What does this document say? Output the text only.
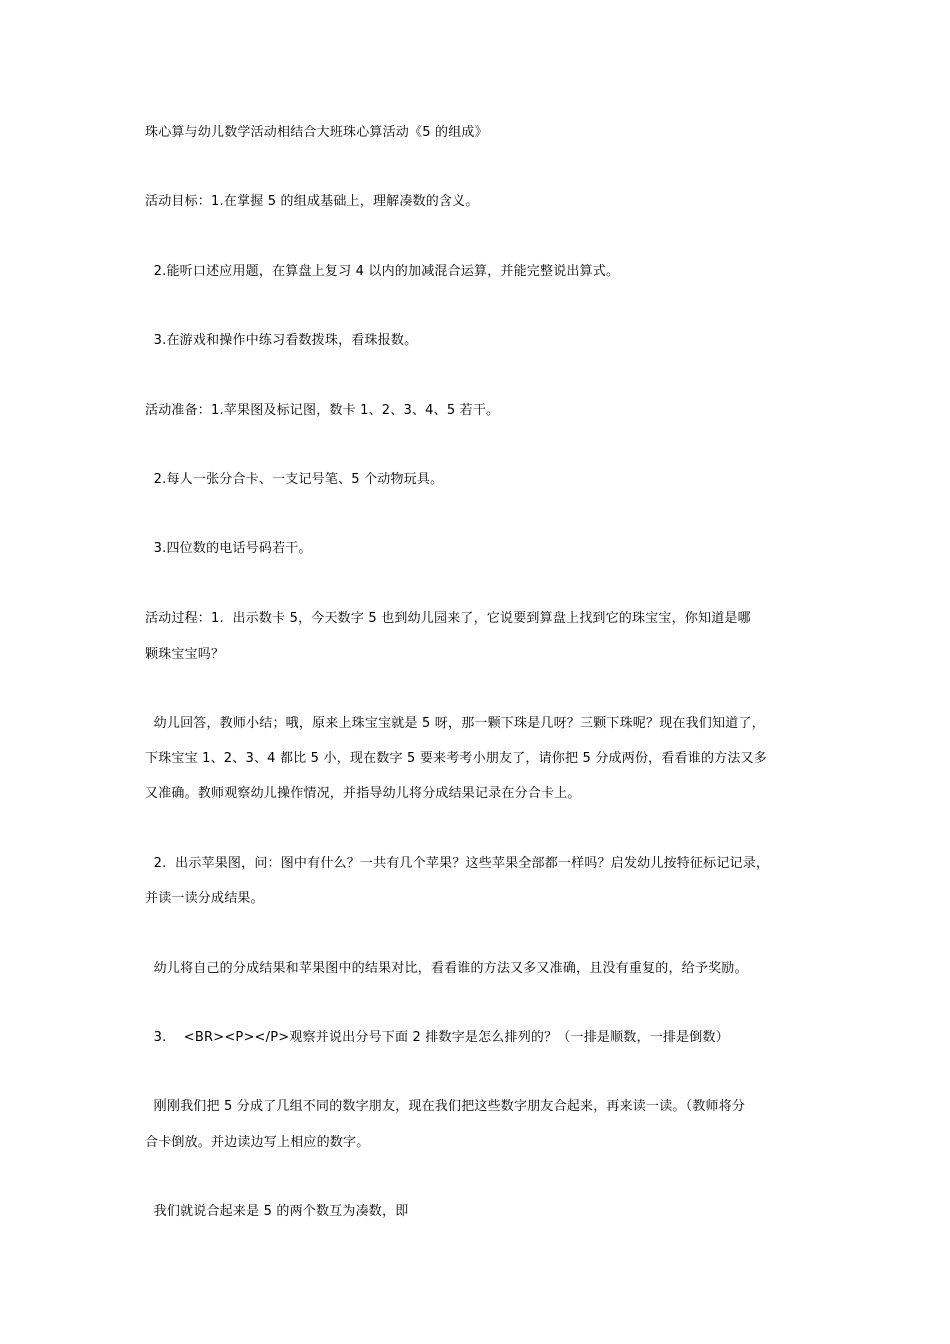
珠心算与幼儿数学活动相结合大班珠心算活动《5 的组成》
活动目标：1.在掌握 5 的组成基础上，理解凑数的含义。
2.能听口述应用题，在算盘上复习 4 以内的加减混合运算，并能完整说出算式。
3.在游戏和操作中练习看数拨珠，看珠报数。
活动准备：1.苹果图及标记图，数卡 1、2、3、4、5 若干。
2.每人一张分合卡、一支记号笔、5 个动物玩具。
3.四位数的电话号码若干。
活动过程：1.  出示数卡 5，今天数字 5 也到幼儿园来了，它说要到算盘上找到它的珠宝宝，你知道是哪
颗珠宝宝吗？
幼儿回答，教师小结；哦，原来上珠宝宝就是 5 呀，那一颗下珠是几呀？三颗下珠呢？现在我们知道了，
下珠宝宝 1、2、3、4 都比 5 小，现在数字 5 要来考考小朋友了，请你把 5 分成两份，看看谁的方法又多
又准确。教师观察幼儿操作情况，并指导幼儿将分成结果记录在分合卡上。
2.  出示苹果图，问：图中有什么？一共有几个苹果？这些苹果全部都一样吗？启发幼儿按特征标记记录，
并读一读分成结果。
幼儿将自己的分成结果和苹果图中的结果对比，看看谁的方法又多又准确，且没有重复的，给予奖励。
3.    <BR><P></P>观察并说出分号下面 2 排数字是怎么排列的？（一排是顺数，一排是倒数）
刚刚我们把 5 分成了几组不同的数字朋友，现在我们把这些数字朋友合起来，再来读一读。（教师将分
合卡倒放。并边读边写上相应的数字。
我们就说合起来是 5 的两个数互为凑数，即
